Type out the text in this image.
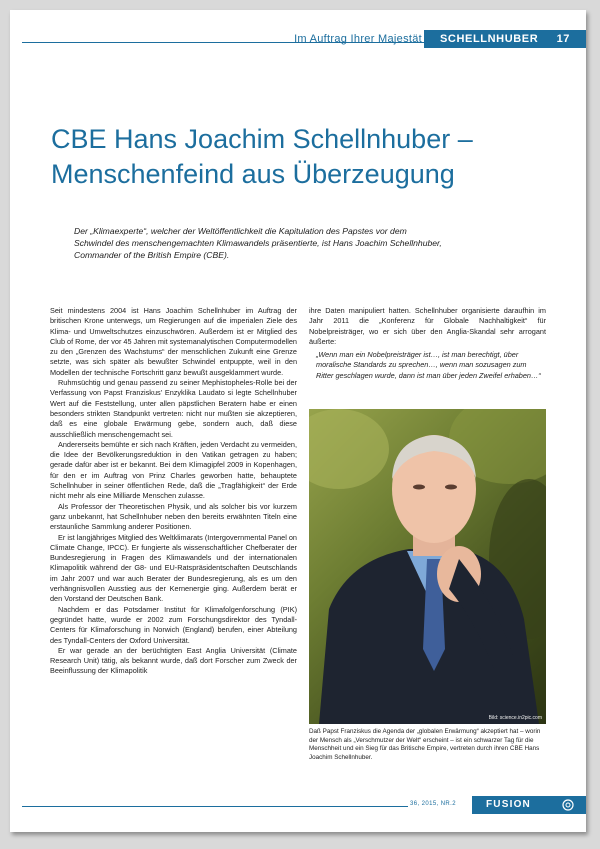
Im Auftrag Ihrer Majestät SCHELLNHUBER 17
CBE Hans Joachim Schellnhuber –
Menschenfeind aus Überzeugung
Der „Klimaexperte“, welcher der Weltöffentlichkeit die Kapitulation des Papstes vor dem Schwindel des menschengemachten Klimawandels präsentierte, ist Hans Joachim Schellnhuber, Commander of the British Empire (CBE).

Seit mindestens 2004 ist Hans Joachim Schellnhuber im Auftrag der britischen Krone unterwegs, um Regierungen auf die imperialen Ziele des Klima- und Umweltschutzes einzuschwören. Außerdem ist er Mitglied des Club of Rome, der vor 45 Jahren mit systemanalytischen Computermodellen zu den „Grenzen des Wachstums“ der menschlichen Zukunft eine Grenze setzte, was sich später als bewußter Schwindel entpuppte, weil in den Modellen der technische Fortschritt ganz bewußt ausgeklammert wurde.

Ruhmsüchtig und genau passend zu seiner Mephistopheles-Rolle bei der Verfassung von Papst Franziskus’ Enzyklika Laudato si legte Schellnhuber Wert auf die Feststellung, unter allen päpstlichen Beratern habe er einen besonders strikten Standpunkt vertreten: nicht nur mußten sie akzeptieren, daß es eine globale Erwärmung gebe, sondern auch, daß diese ausschließlich menschengemacht sei.

Andererseits bemühte er sich nach Kräften, jeden Verdacht zu vermeiden, die Idee der Bevölkerungsreduktion in den Vatikan getragen zu haben; gerade dafür aber ist er bekannt. Bei dem Klimagipfel 2009 in Kopenhagen, für den er im Auftrag von Prinz Charles geworben hatte, behauptete Schellnhuber in seiner öffentlichen Rede, daß die „Tragfähigkeit“ der Erde nicht mehr als eine Milliarde Menschen zulasse.

Als Professor der Theoretischen Physik, und als solcher bis vor kurzem ganz unbekannt, hat Schellnhuber neben den bereits erwähnten Titeln eine erstaunliche Sammlung anderer Positionen.

Er ist langjähriges Mitglied des Weltklimarats (Intergovernmental Panel on Climate Change, IPCC). Er fungierte als wissenschaftlicher Chefberater der Bundesregierung in Fragen des Klimawandels und der internationalen Klimapolitik während der G8- und EU-Ratspräsidentschaften Deutschlands im Jahr 2007 und war auch Berater der Bundesregierung, als es um den verhängnisvollen Ausstieg aus der Kernenergie ging. Außerdem berät er den Vorstand der Deutschen Bank.

Nachdem er das Potsdamer Institut für Klimafolgenforschung (PIK) gegründet hatte, wurde er 2002 zum Forschungsdirektor des Tyndall-Centers für Klimaforschung in Norwich (England) berufen, einer Abteilung des Tyndall-Centers der Oxford Universität.

Er war gerade an der berüchtigten East Anglia Universität (Climate Research Unit) tätig, als bekannt wurde, daß dort Forscher zum Zweck der Beeinflussung der Klimapolitik

ihre Daten manipuliert hatten. Schellnhuber organisierte daraufhin im Jahr 2011 die „Konferenz für Globale Nachhaltigkeit“ für Nobelpreisträger, wo er sich über den Anglia-Skandal sehr arrogant äußerte:

„Wenn man ein Nobelpreisträger ist…, ist man berechtigt, über moralische Standards zu sprechen…, wenn man sozusagen zum Ritter geschlagen wurde, dann ist man über jeden Zweifel erhaben…“
Bild: science.in2pic.com
Daß Papst Franziskus die Agenda der „globalen Erwärmung“ akzeptiert hat – worin der Mensch als „Verschmutzer der Welt“ erscheint – ist ein schwarzer Tag für die Menschheit und ein Sieg für das Britische Empire, vertreten durch ihren CBE Hans Joachim Schellnhuber.
36, 2015, NR.2	FUSION
